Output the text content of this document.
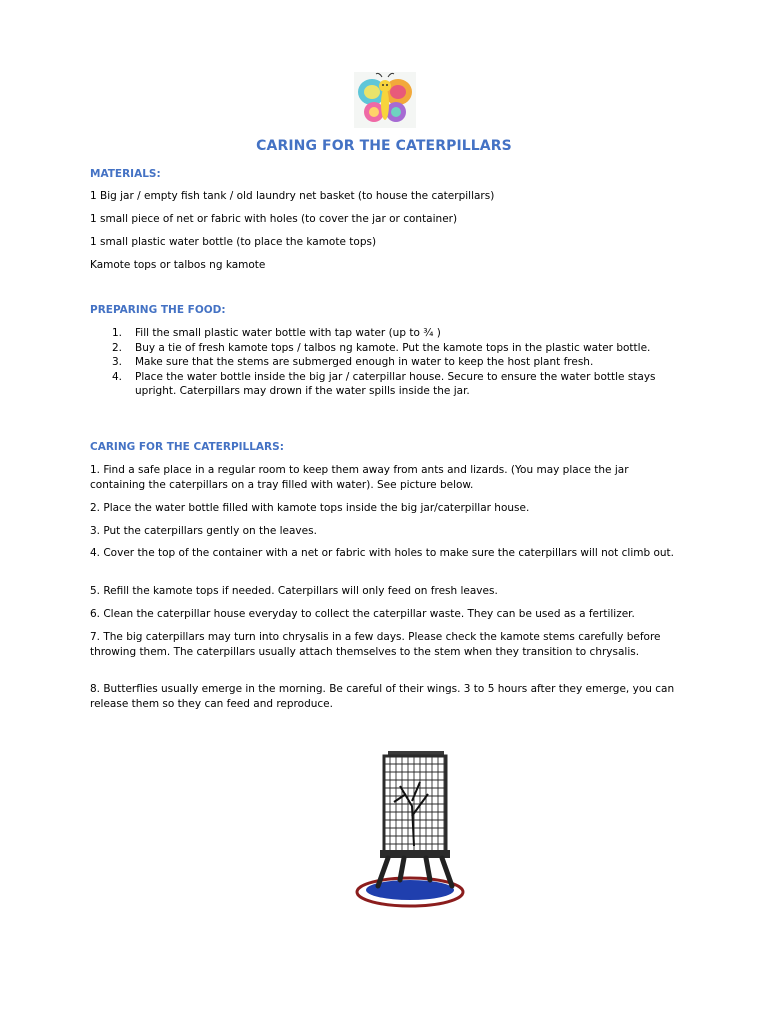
CARING FOR THE CATERPILLARS
MATERIALS:
1 Big jar / empty fish tank / old laundry net basket (to house the caterpillars)
1 small piece of net or fabric with holes (to cover the jar or container)
1 small plastic water bottle (to place the kamote tops)
Kamote tops or talbos ng kamote
PREPARING THE FOOD:
1. Fill the small plastic water bottle with tap water (up to ¾ )
2. Buy a tie of fresh kamote tops / talbos ng kamote. Put the kamote tops in the plastic water bottle.
3. Make sure that the stems are submerged enough in water to keep the host plant fresh.
4. Place the water bottle inside the big jar / caterpillar house. Secure to ensure the water bottle stays upright. Caterpillars may drown if the water spills inside the jar.
CARING FOR THE CATERPILLARS:
1. Find a safe place in a regular room to keep them away from ants and lizards. (You may place the jar containing the caterpillars on a tray filled with water). See picture below.
2. Place the water bottle filled with kamote tops inside the big jar/caterpillar house.
3. Put the caterpillars gently on the leaves.
4. Cover the top of the container with a net or fabric with holes to make sure the caterpillars will not climb out.
5. Refill the kamote tops if needed. Caterpillars will only feed on fresh leaves.
6. Clean the caterpillar house everyday to collect the caterpillar waste. They can be used as a fertilizer.
7. The big caterpillars may turn into chrysalis in a few days. Please check the kamote stems carefully before throwing them. The caterpillars usually attach themselves to the stem when they transition to chrysalis.
8. Butterflies usually emerge in the morning. Be careful of their wings. 3 to 5 hours after they emerge, you can release them so they can feed and reproduce.
